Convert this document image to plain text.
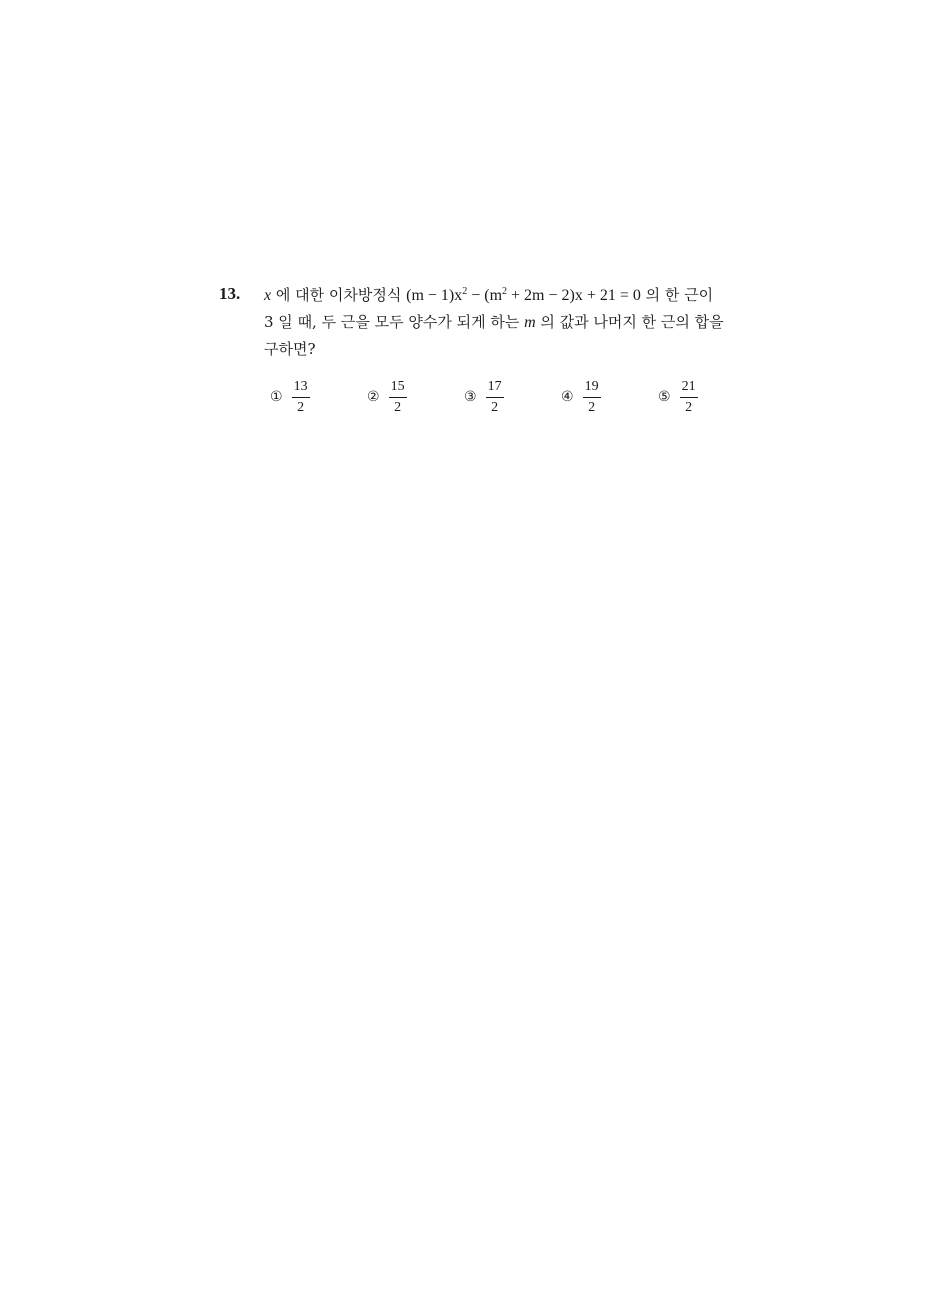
13. x 에 대한 이차방정식 $(m - 1)x^2 - (m^2 + 2m - 2)x + 21 = 0$ 의 한 근이
3 일 때, 두 근을 모두 양수가 되게 하는 m 의 값과 나머지 한 근의 합을
구하면?
① $\frac{13}{2}$	② $\frac{15}{2}$	③ $\frac{17}{2}$	④ $\frac{19}{2}$	⑤ $\frac{21}{2}$
